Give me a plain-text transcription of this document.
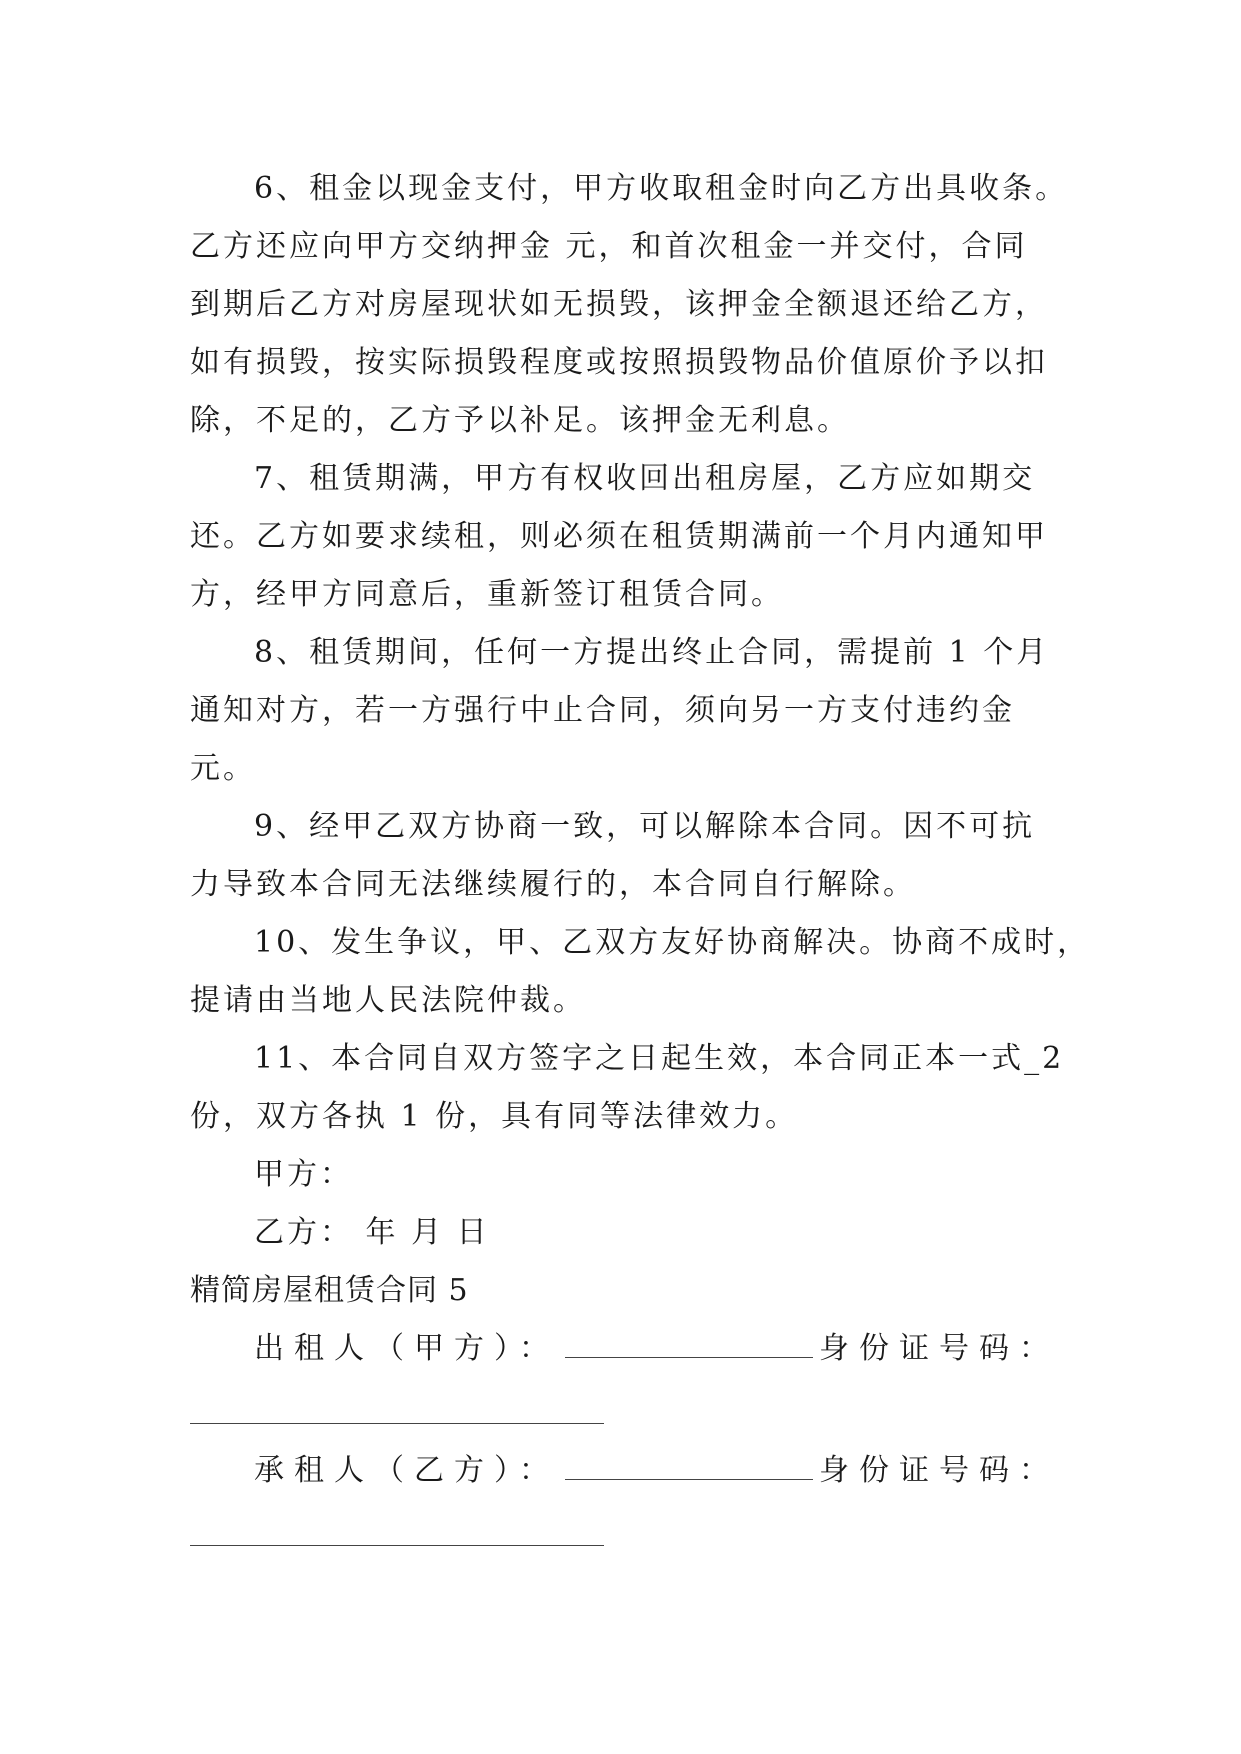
6、租金以现金支付，甲方收取租金时向乙方出具收条。
乙方还应向甲方交纳押金 元，和首次租金一并交付，合同
到期后乙方对房屋现状如无损毁，该押金全额退还给乙方，
如有损毁，按实际损毁程度或按照损毁物品价值原价予以扣
除，不足的，乙方予以补足。该押金无利息。
7、租赁期满，甲方有权收回出租房屋，乙方应如期交
还。乙方如要求续租，则必须在租赁期满前一个月内通知甲
方，经甲方同意后，重新签订租赁合同。
8、租赁期间，任何一方提出终止合同，需提前 1 个月
通知对方，若一方强行中止合同，须向另一方支付违约金
元。
9、经甲乙双方协商一致，可以解除本合同。因不可抗
力导致本合同无法继续履行的，本合同自行解除。
10、发生争议，甲、乙双方友好协商解决。协商不成时，
提请由当地人民法院仲裁。
11、本合同自双方签字之日起生效，本合同正本一式_2
份，双方各执 1 份，具有同等法律效力。
甲方：
乙方： 年 月 日
精简房屋租赁合同 5
出租人（甲方）：	身份证号码：
承租人（乙方）：	身份证号码：
